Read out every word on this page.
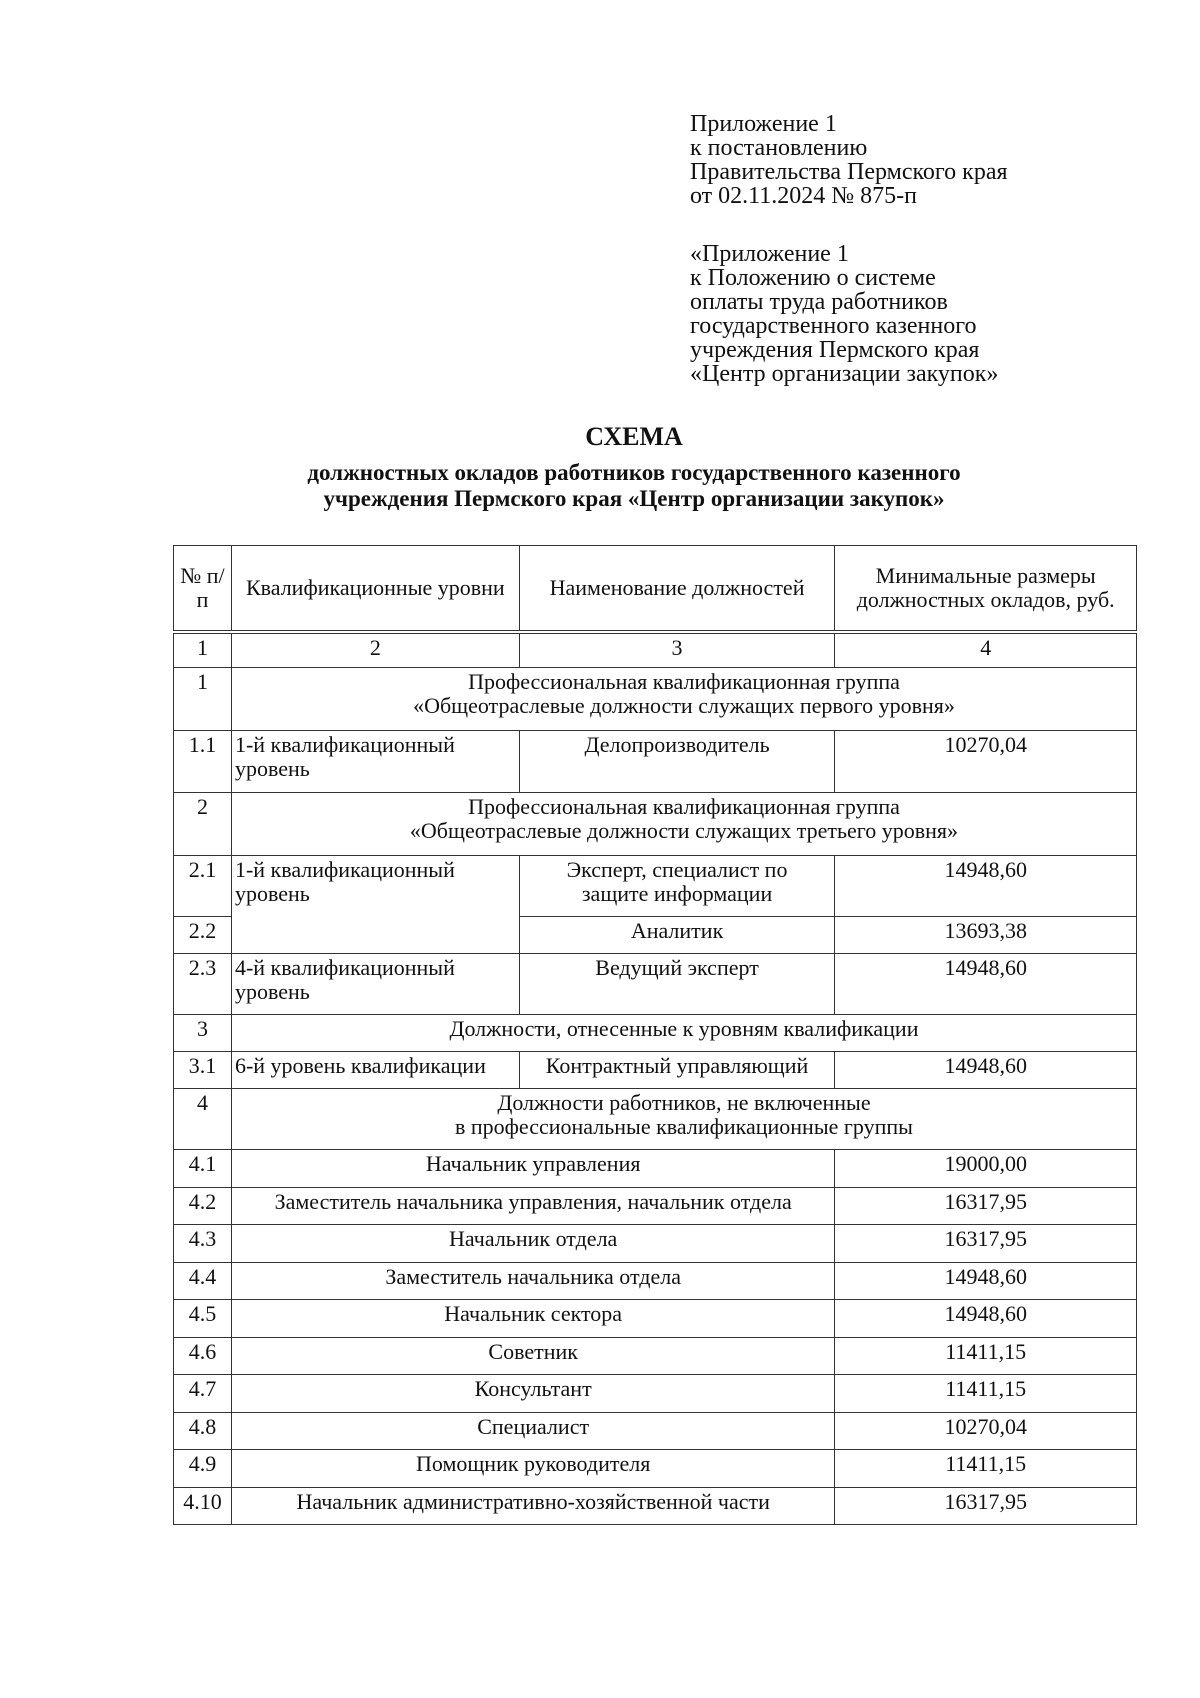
Приложение 1
к постановлению
Правительства Пермского края
от 02.11.2024 № 875-п
«Приложение 1
к Положению о системе
оплаты труда работников
государственного казенного
учреждения Пермского края
«Центр организации закупок»
СХЕМА
должностных окладов работников государственного казенного
учреждения Пермского края «Центр организации закупок»
№ п/п	Квалификационные уровни	Наименование должностей	Минимальные размеры должностных окладов, руб.
1	2	3	4
1	Профессиональная квалификационная группа
«Общеотраслевые должности служащих первого уровня»		

1.1	1-й квалификационный уровень	Делопроизводитель	10270,04
2	Профессиональная квалификационная группа
«Общеотраслевые должности служащих третьего уровня»		

2.1	1-й квалификационный уровень	Эксперт, специалист по защите информации	14948,60
2.2		Аналитик	13693,38
2.3	4-й квалификационный уровень	Ведущий эксперт	14948,60
3	Должности, отнесенные к уровням квалификации		
3.1	6-й уровень квалификации	Контрактный управляющий	14948,60
4	Должности работников, не включенные
в профессиональные квалификационные группы		

4.1	Начальник управления		19000,00
4.2	Заместитель начальника управления, начальник отдела		16317,95
4.3	Начальник отдела		16317,95
4.4	Заместитель начальника отдела		14948,60
4.5	Начальник сектора		14948,60
4.6	Советник		11411,15
4.7	Консультант		11411,15
4.8	Специалист		10270,04
4.9	Помощник руководителя		11411,15
4.10	Начальник административно-хозяйственной части		16317,95
